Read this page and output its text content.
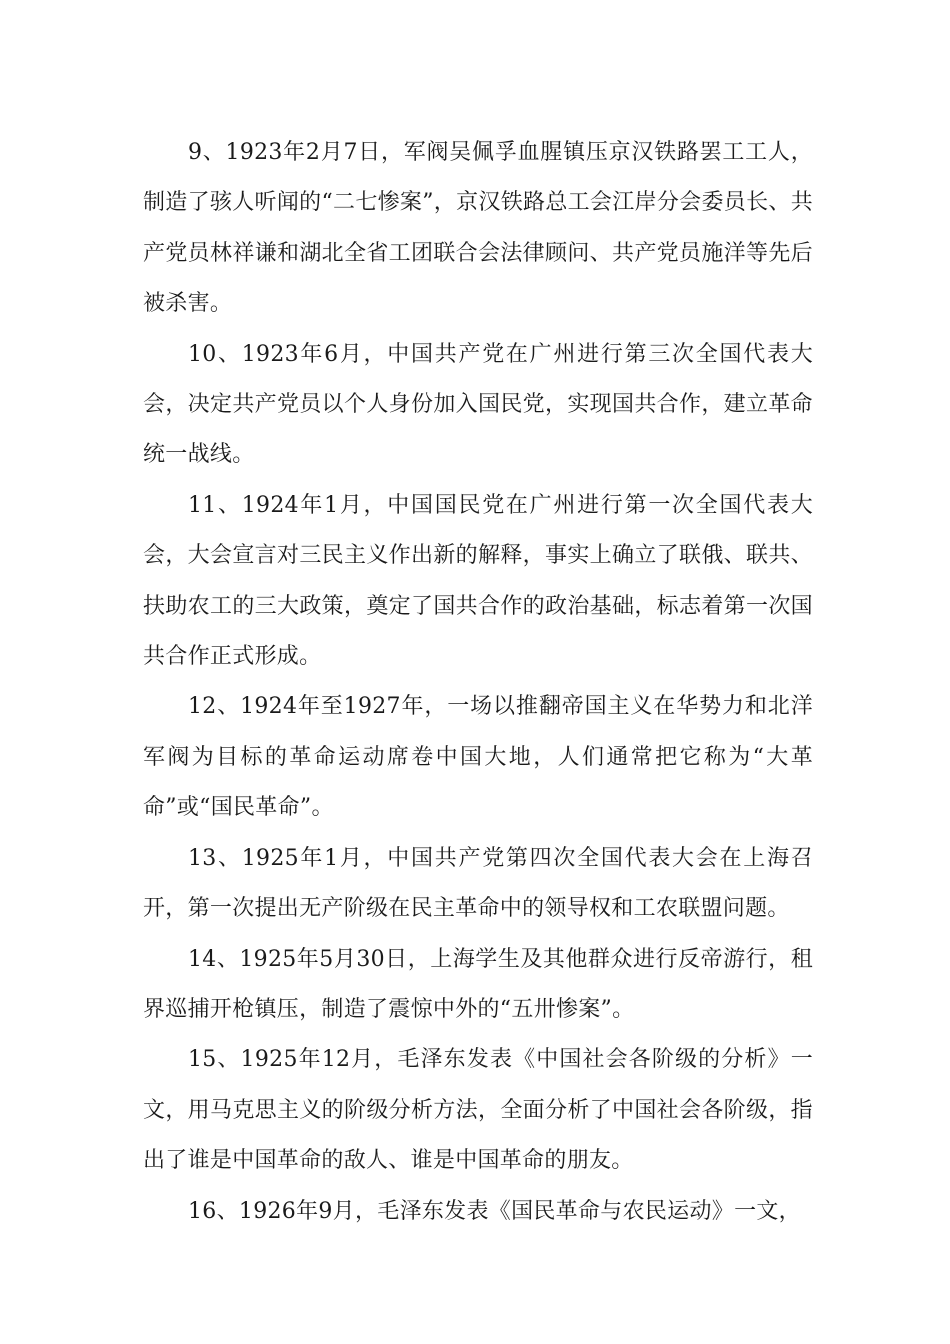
9、1923年2月7日，军阀吴佩孚血腥镇压京汉铁路罢工工人，制造了骇人听闻的“二七惨案”，京汉铁路总工会江岸分会委员长、共产党员林祥谦和湖北全省工团联合会法律顾问、共产党员施洋等先后被杀害。

10、1923年6月，中国共产党在广州进行第三次全国代表大会，决定共产党员以个人身份加入国民党，实现国共合作，建立革命统一战线。

11、1924年1月，中国国民党在广州进行第一次全国代表大会，大会宣言对三民主义作出新的解释，事实上确立了联俄、联共、扶助农工的三大政策，奠定了国共合作的政治基础，标志着第一次国共合作正式形成。

12、1924年至1927年，一场以推翻帝国主义在华势力和北洋军阀为目标的革命运动席卷中国大地，人们通常把它称为“大革命”或“国民革命”。

13、1925年1月，中国共产党第四次全国代表大会在上海召开，第一次提出无产阶级在民主革命中的领导权和工农联盟问题。

14、1925年5月30日，上海学生及其他群众进行反帝游行，租界巡捕开枪镇压，制造了震惊中外的“五卅惨案”。

15、1925年12月，毛泽东发表《中国社会各阶级的分析》一文，用马克思主义的阶级分析方法，全面分析了中国社会各阶级，指出了谁是中国革命的敌人、谁是中国革命的朋友。

16、1926年9月，毛泽东发表《国民革命与农民运动》一文，
